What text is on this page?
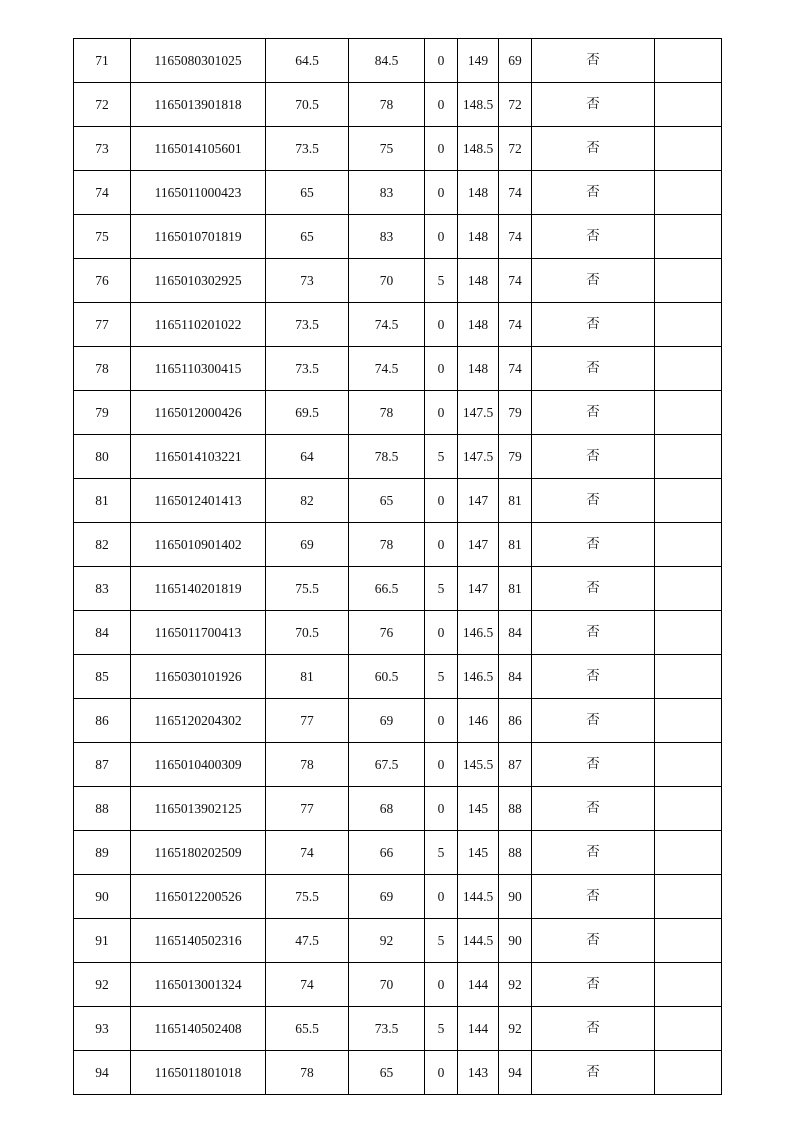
71	1165080301025	64.5	84.5	0	149	69	否	
72	1165013901818	70.5	78	0	148.5	72	否	
73	1165014105601	73.5	75	0	148.5	72	否	
74	1165011000423	65	83	0	148	74	否	
75	1165010701819	65	83	0	148	74	否	
76	1165010302925	73	70	5	148	74	否	
77	1165110201022	73.5	74.5	0	148	74	否	
78	1165110300415	73.5	74.5	0	148	74	否	
79	1165012000426	69.5	78	0	147.5	79	否	
80	1165014103221	64	78.5	5	147.5	79	否	
81	1165012401413	82	65	0	147	81	否	
82	1165010901402	69	78	0	147	81	否	
83	1165140201819	75.5	66.5	5	147	81	否	
84	1165011700413	70.5	76	0	146.5	84	否	
85	1165030101926	81	60.5	5	146.5	84	否	
86	1165120204302	77	69	0	146	86	否	
87	1165010400309	78	67.5	0	145.5	87	否	
88	1165013902125	77	68	0	145	88	否	
89	1165180202509	74	66	5	145	88	否	
90	1165012200526	75.5	69	0	144.5	90	否	
91	1165140502316	47.5	92	5	144.5	90	否	
92	1165013001324	74	70	0	144	92	否	
93	1165140502408	65.5	73.5	5	144	92	否	
94	1165011801018	78	65	0	143	94	否	
